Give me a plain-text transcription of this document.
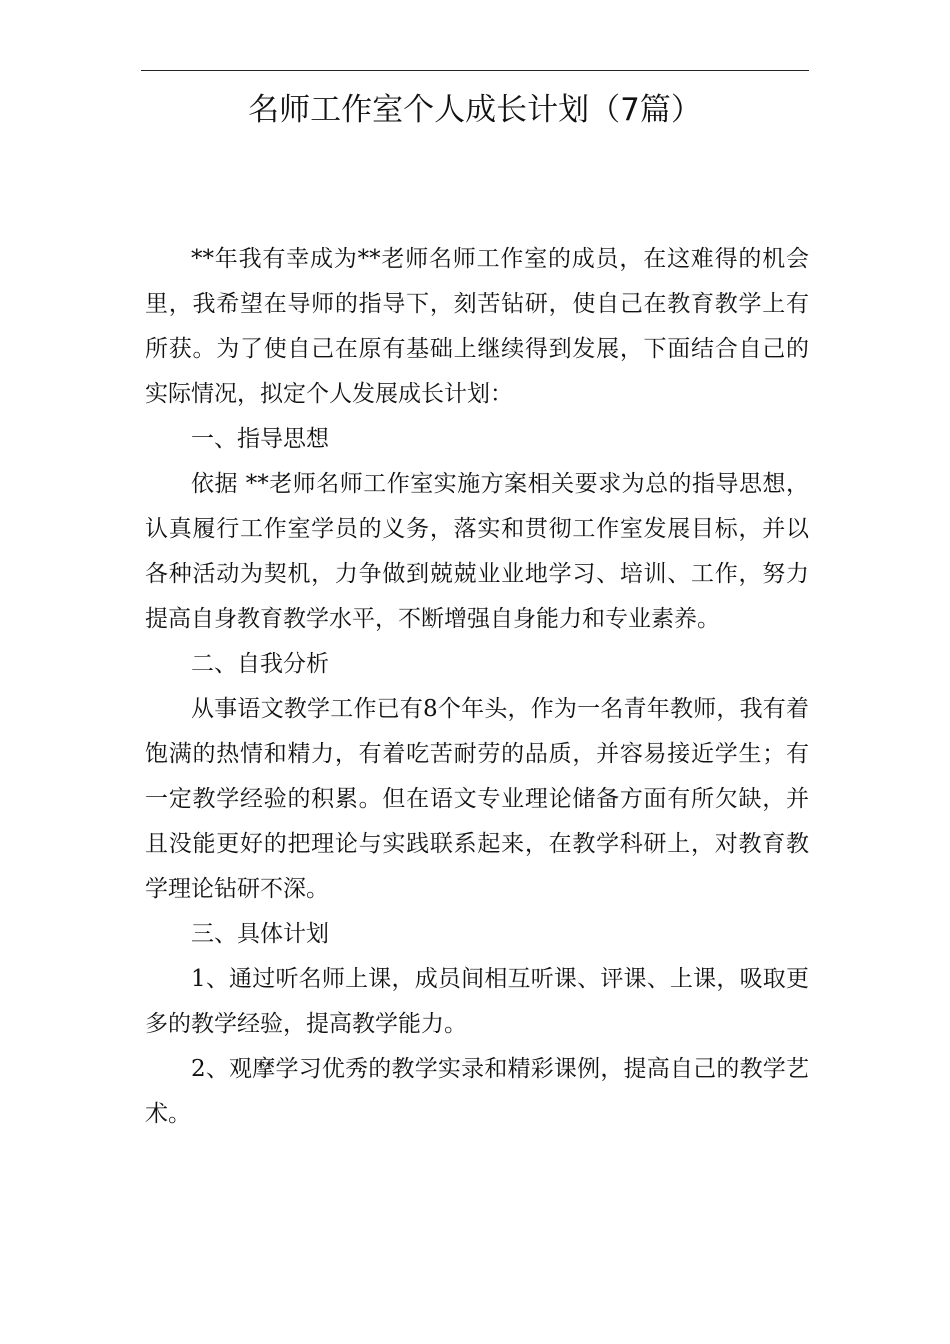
名师工作室个人成长计划（7篇）

**年我有幸成为**老师名师工作室的成员，在这难得的机会里，我希望在导师的指导下，刻苦钻研，使自己在教育教学上有所获。为了使自己在原有基础上继续得到发展，下面结合自己的实际情况，拟定个人发展成长计划：

一、指导思想

依据 **老师名师工作室实施方案相关要求为总的指导思想，认真履行工作室学员的义务，落实和贯彻工作室发展目标，并以各种活动为契机，力争做到兢兢业业地学习、培训、工作，努力提高自身教育教学水平，不断增强自身能力和专业素养。

二、自我分析

从事语文教学工作已有8个年头，作为一名青年教师，我有着饱满的热情和精力，有着吃苦耐劳的品质，并容易接近学生；有一定教学经验的积累。但在语文专业理论储备方面有所欠缺，并且没能更好的把理论与实践联系起来，在教学科研上，对教育教学理论钻研不深。

三、具体计划

1、通过听名师上课，成员间相互听课、评课、上课，吸取更多的教学经验，提高教学能力。

2、观摩学习优秀的教学实录和精彩课例，提高自己的教学艺术。
